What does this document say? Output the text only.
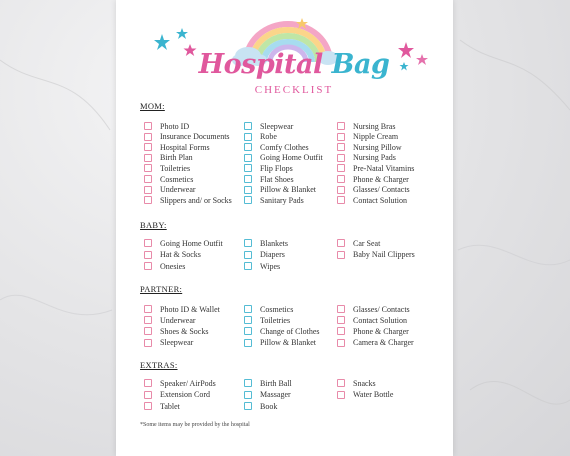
Hospital Bag
CHECKLIST
MOM:
BABY:
PARTNER:
EXTRAS:
Photo ID
Insurance Documents
Hospital Forms
Birth Plan
Toiletries
Cosmetics
Underwear
Slippers and/ or Socks
Sleepwear
Robe
Comfy Clothes
Going Home Outfit
Flip Flops
Flat Shoes
Pillow & Blanket
Sanitary Pads
Nursing Bras
Nipple Cream
Nursing Pillow
Nursing Pads
Pre-Natal Vitamins
Phone & Charger
Glasses/ Contacts
Contact Solution
Going Home Outfit
Hat & Socks
Onesies
Blankets
Diapers
Wipes
Car Seat
Baby Nail Clippers
Photo ID & Wallet
Underwear
Shoes & Socks
Sleepwear
Cosmetics
Toiletries
Change of Clothes
Pillow & Blanket
Glasses/ Contacts
Contact Solution
Phone & Charger
Camera & Charger
Speaker/ AirPods
Extension Cord
Tablet
Birth Ball
Massager
Book
Snacks
Water Bottle
*Some items may be provided by the hospital
